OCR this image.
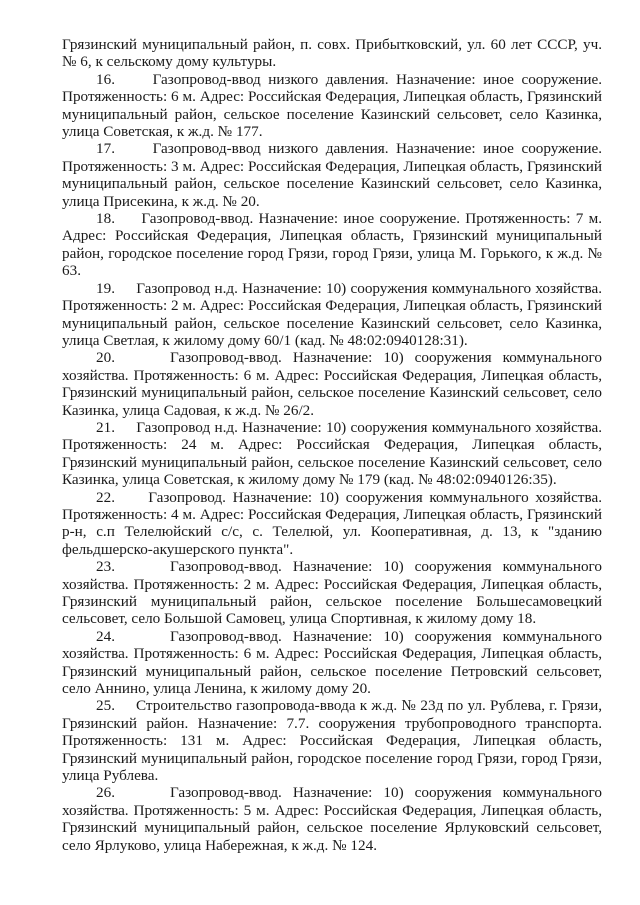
Грязинский муниципальный район, п. совх. Прибытковский, ул. 60 лет СССР, уч. № 6, к сельскому дому культуры.

16. Газопровод-ввод низкого давления. Назначение: иное сооружение. Протяженность: 6 м. Адрес: Российская Федерация, Липецкая область, Грязинский муниципальный район, сельское поселение Казинский сельсовет, село Казинка, улица Советская, к ж.д. № 177.

17. Газопровод-ввод низкого давления. Назначение: иное сооружение. Протяженность: 3 м. Адрес: Российская Федерация, Липецкая область, Грязинский муниципальный район, сельское поселение Казинский сельсовет, село Казинка, улица Присекина, к ж.д. № 20.

18. Газопровод-ввод. Назначение: иное сооружение. Протяженность: 7 м. Адрес: Российская Федерация, Липецкая область, Грязинский муниципальный район, городское поселение город Грязи, город Грязи, улица М. Горького, к ж.д. № 63.

19. Газопровод н.д. Назначение: 10) сооружения коммунального хозяйства. Протяженность: 2 м. Адрес: Российская Федерация, Липецкая область, Грязинский муниципальный район, сельское поселение Казинский сельсовет, село Казинка, улица Светлая, к жилому дому 60/1 (кад. № 48:02:0940128:31).

20.	Газопровод-ввод. Назначение: 10) сооружения коммунального хозяйства. Протяженность: 6 м. Адрес: Российская Федерация, Липецкая область, Грязинский муниципальный район, сельское поселение Казинский сельсовет, село Казинка, улица Садовая, к ж.д. № 26/2.

21. Газопровод н.д. Назначение: 10) сооружения коммунального хозяйства. Протяженность: 24 м. Адрес: Российская Федерация, Липецкая область, Грязинский муниципальный район, сельское поселение Казинский сельсовет, село Казинка, улица Советская, к жилому дому № 179 (кад. № 48:02:0940126:35).

22. Газопровод. Назначение: 10) сооружения коммунального хозяйства. Протяженность: 4 м. Адрес: Российская Федерация, Липецкая область, Грязинский р-н, с.п Телелюйский с/с, с. Телелюй, ул. Кооперативная, д. 13, к "зданию фельдшерско-акушерского пункта".

23.	Газопровод-ввод. Назначение: 10) сооружения коммунального хозяйства. Протяженность: 2 м. Адрес: Российская Федерация, Липецкая область, Грязинский муниципальный район, сельское поселение Большесамовецкий сельсовет, село Большой Самовец, улица Спортивная, к жилому дому 18.

24.	Газопровод-ввод. Назначение: 10) сооружения коммунального хозяйства. Протяженность: 6 м. Адрес: Российская Федерация, Липецкая область, Грязинский муниципальный район, сельское поселение Петровский сельсовет, село Аннино, улица Ленина, к жилому дому 20.

25. Строительство газопровода-ввода к ж.д. № 23д по ул. Рублева, г. Грязи, Грязинский район. Назначение: 7.7. сооружения трубопроводного транспорта. Протяженность: 131 м. Адрес: Российская Федерация, Липецкая область, Грязинский муниципальный район, городское поселение город Грязи, город Грязи, улица Рублева.

26.	Газопровод-ввод. Назначение: 10) сооружения коммунального хозяйства. Протяженность: 5 м. Адрес: Российская Федерация, Липецкая область, Грязинский муниципальный район, сельское поселение Ярлуковский сельсовет, село Ярлуково, улица Набережная, к ж.д. № 124.
